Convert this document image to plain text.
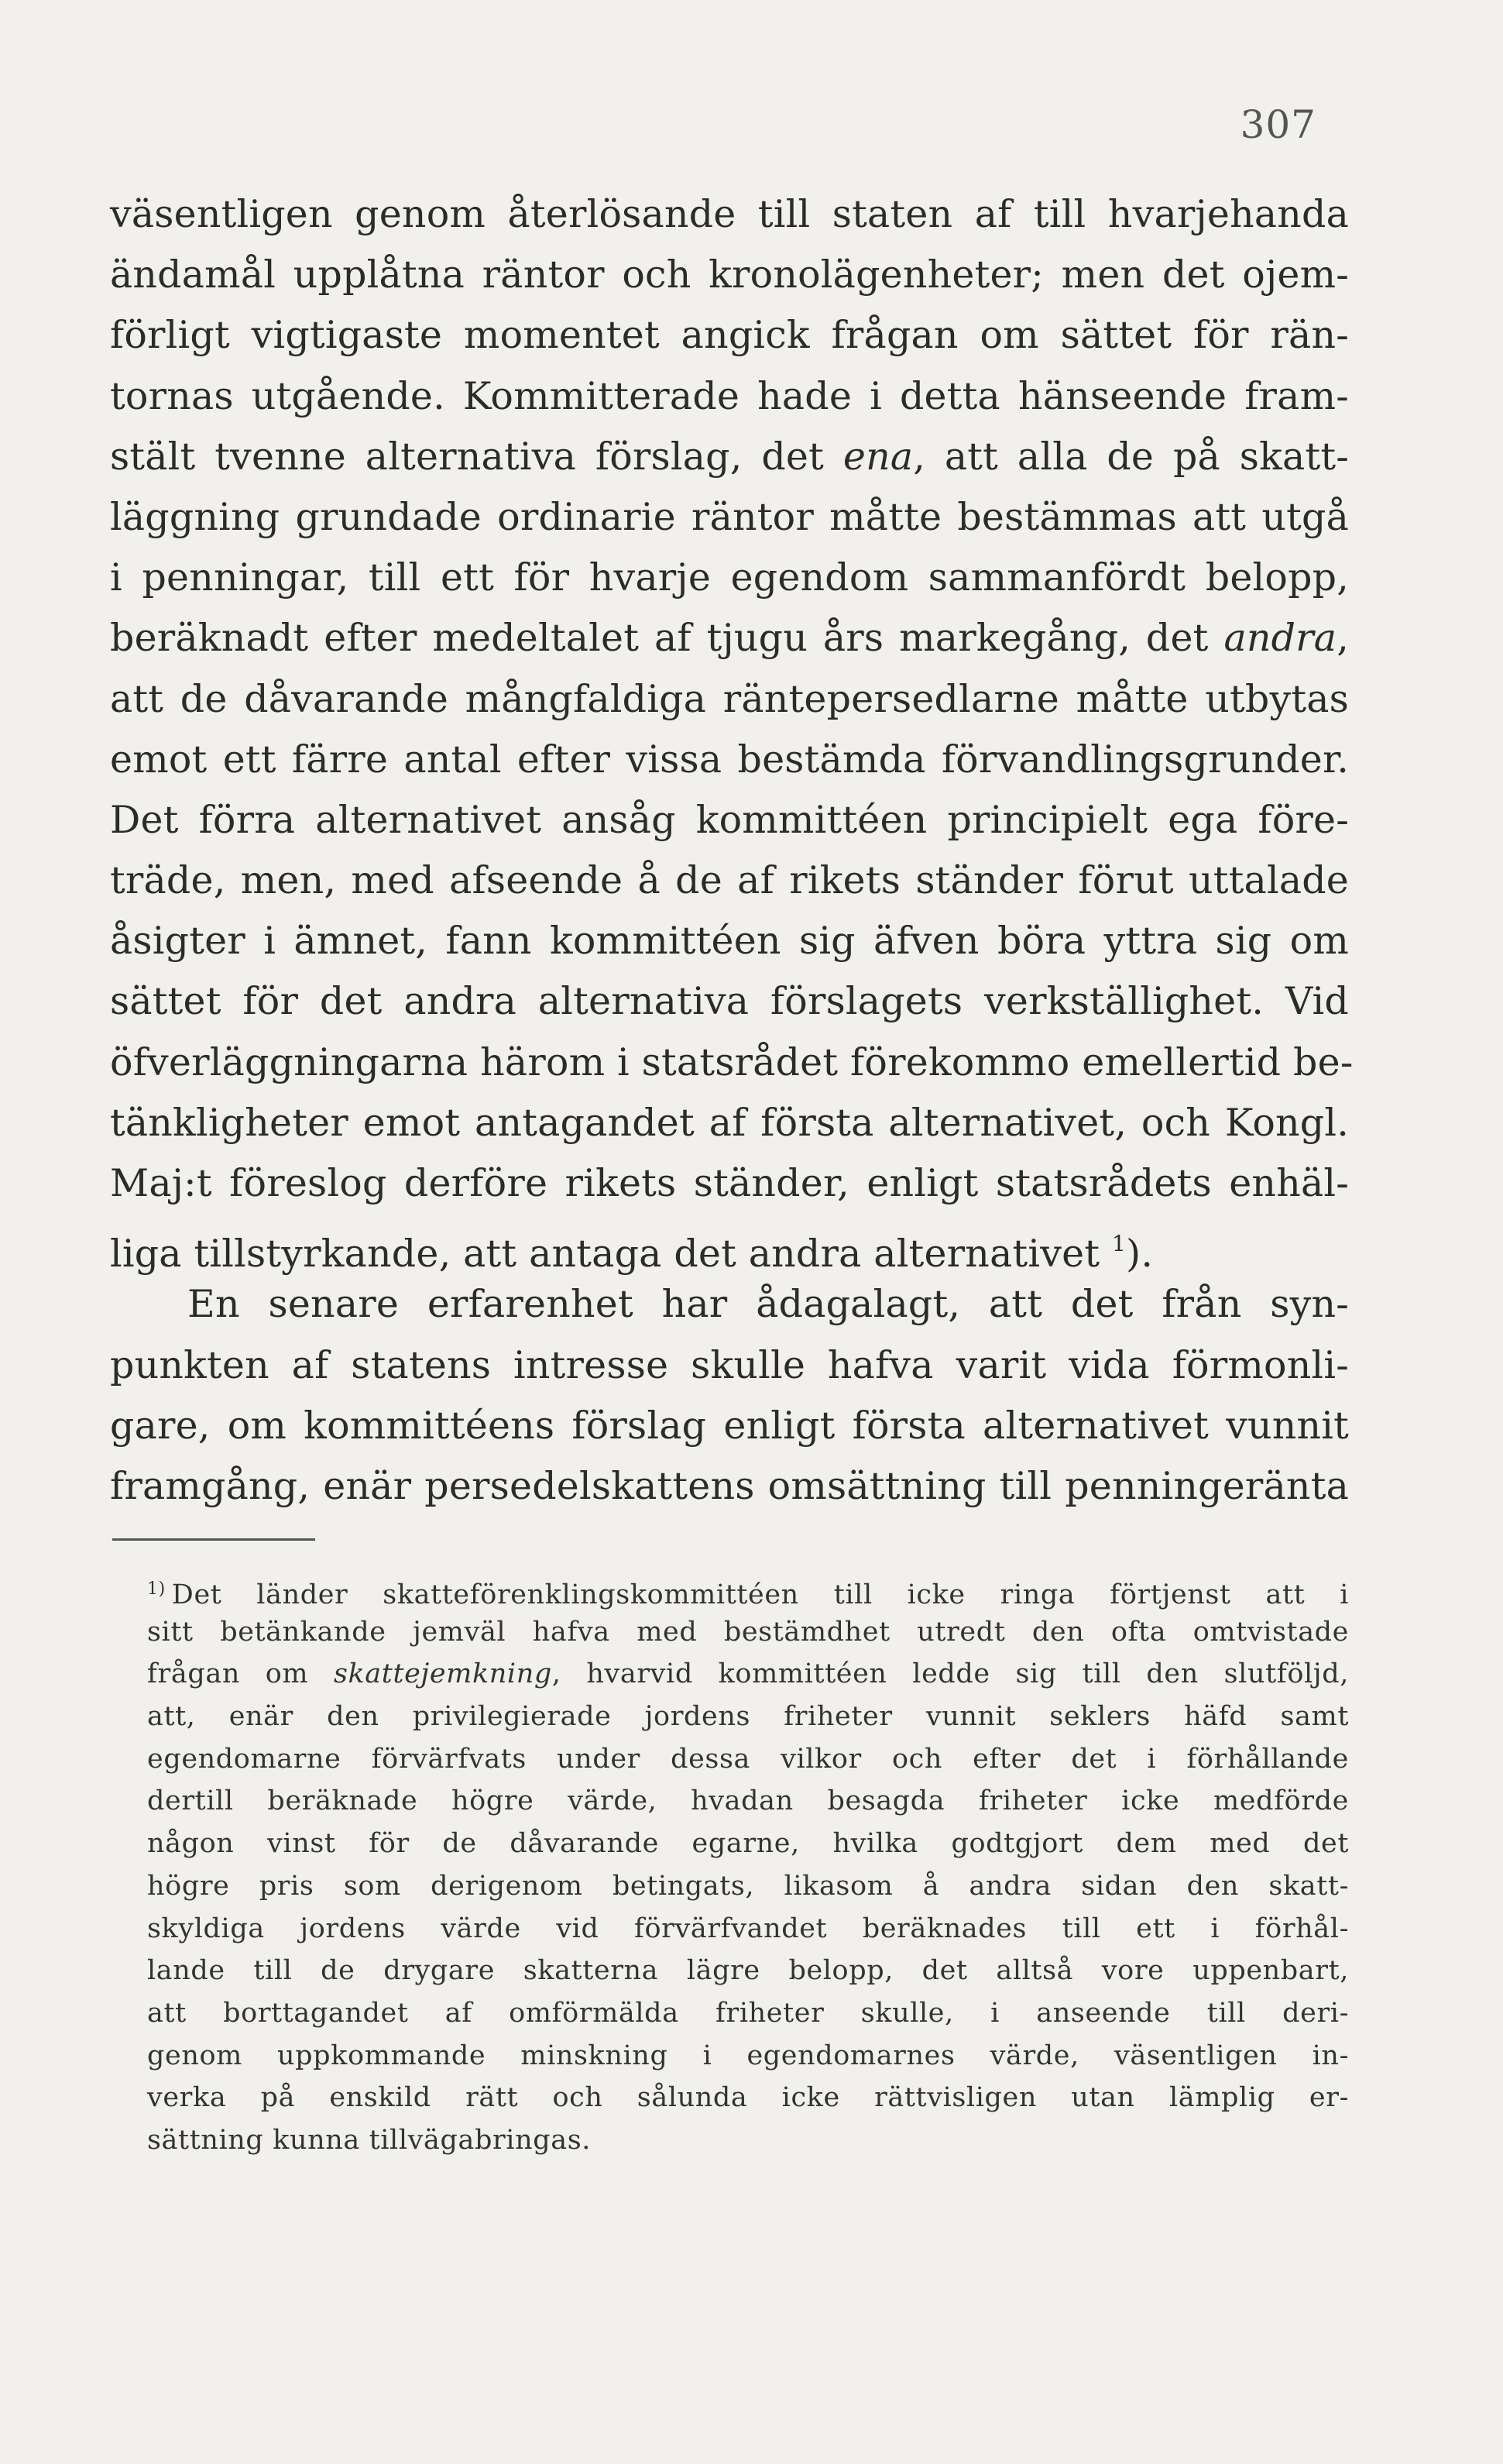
307
väsentligen genom återlösande till staten af till hvarjehanda
ändamål upplåtna räntor och kronolägenheter; men det ojem-
förligt vigtigaste momentet angick frågan om sättet för rän-
tornas utgående. Kommitterade hade i detta hänseende fram-
stält tvenne alternativa förslag, det ena, att alla de på skatt-
läggning grundade ordinarie räntor måtte bestämmas att utgå
i penningar, till ett för hvarje egendom sammanfördt belopp,
beräknadt efter medeltalet af tjugu års markegång, det andra,
att de dåvarande mångfaldiga räntepersedlarne måtte utbytas
emot ett färre antal efter vissa bestämda förvandlingsgrunder.
Det förra alternativet ansåg kommittéen principielt ega före-
träde, men, med afseende å de af rikets ständer förut uttalade
åsigter i ämnet, fann kommittéen sig äfven böra yttra sig om
sättet för det andra alternativa förslagets verkställighet. Vid
öfverläggningarna härom i statsrådet förekommo emellertid be-
tänkligheter emot antagandet af första alternativet, och Kongl.
Maj:t föreslog derföre rikets ständer, enligt statsrådets enhäl-
liga tillstyrkande, att antaga det andra alternativet $^1$).
En senare erfarenhet har ådagalagt, att det från syn-
punkten af statens intresse skulle hafva varit vida förmonli-
gare, om kommittéens förslag enligt första alternativet vunnit
framgång, enär persedelskattens omsättning till penningeränta
$^{1)}$ Det länder skatteförenklingskommittéen till icke ringa förtjenst att i
sitt betänkande jemväl hafva med bestämdhet utredt den ofta omtvistade
frågan om skattejemkning, hvarvid kommittéen ledde sig till den slutföljd,
att, enär den privilegierade jordens friheter vunnit seklers häfd samt
egendomarne förvärfvats under dessa vilkor och efter det i förhållande
dertill beräknade högre värde, hvadan besagda friheter icke medförde
någon vinst för de dåvarande egarne, hvilka godtgjort dem med det
högre pris som derigenom betingats, likasom å andra sidan den skatt-
skyldiga jordens värde vid förvärfvandet beräknades till ett i förhål-
lande till de drygare skatterna lägre belopp, det alltså vore uppenbart,
att borttagandet af omförmälda friheter skulle, i anseende till deri-
genom uppkommande minskning i egendomarnes värde, väsentligen in-
verka på enskild rätt och sålunda icke rättvisligen utan lämplig er-
sättning kunna tillvägabringas.
